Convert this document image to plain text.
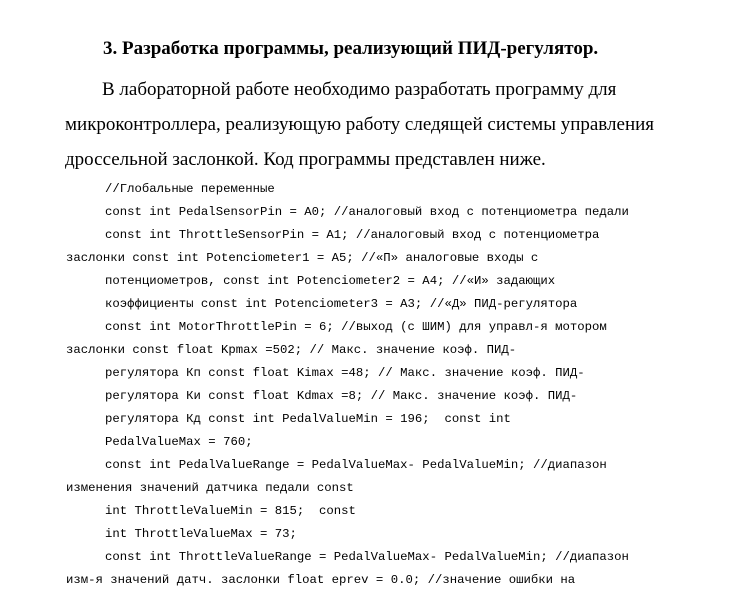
3. Разработка программы, реализующий ПИД-регулятор.
В лабораторной работе необходимо разработать программу для
микроконтроллера, реализующую работу следящей системы управления
дроссельной заслонкой. Код программы представлен ниже.
//Глобальные переменные
const int PedalSensorPin = A0; //аналоговый вход с потенциометра педали
const int ThrottleSensorPin = A1; //аналоговый вход с потенциометра
заслонки const int Potenciometer1 = A5; //«П» аналоговые входы с
потенциометров, const int Potenciometer2 = A4; //«И» задающих
коэффициенты const int Potenciometer3 = A3; //«Д» ПИД-регулятора
const int MotorThrottlePin = 6; //выход (с ШИМ) для управл-я мотором
заслонки const float Kpmax =502; // Макс. значение коэф. ПИД-
регулятора Кп const float Kimax =48; // Макс. значение коэф. ПИД-
регулятора Ки const float Kdmax =8; // Макс. значение коэф. ПИД-
регулятора Кд const int PedalValueMin = 196;  const int
PedalValueMax = 760;
const int PedalValueRange = PedalValueMax- PedalValueMin; //диапазон
изменения значений датчика педали const
int ThrottleValueMin = 815;  const
int ThrottleValueMax = 73;
const int ThrottleValueRange = PedalValueMax- PedalValueMin; //диапазон
изм-я значений датч. заслонки float eprev = 0.0; //значение ошибки на
